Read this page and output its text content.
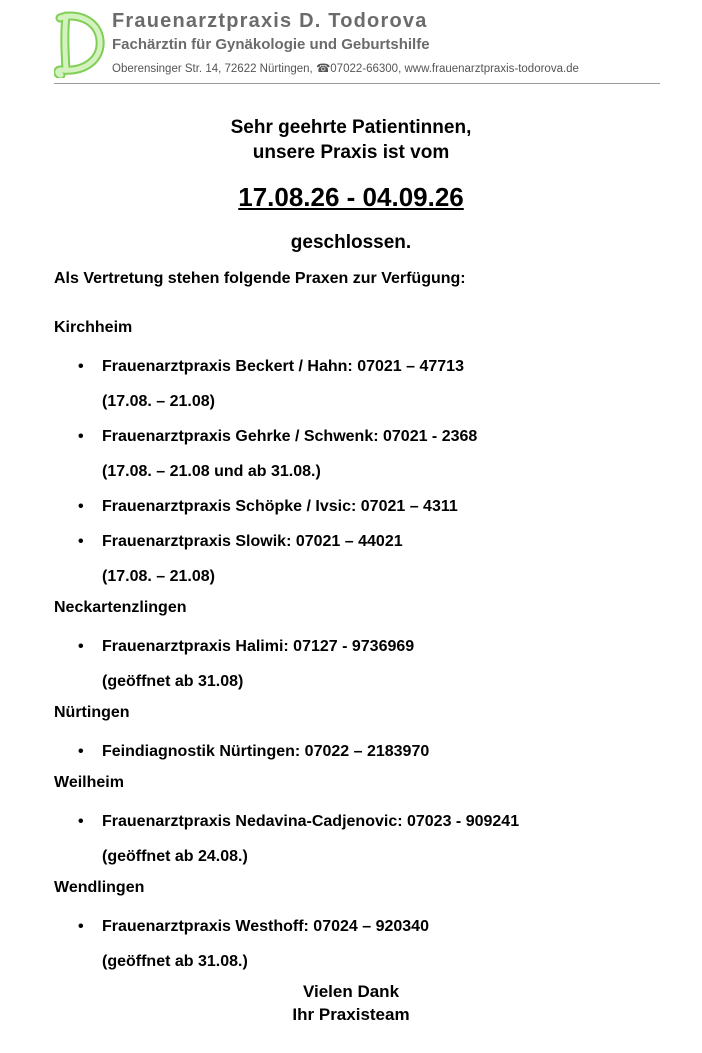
Frauenarztpraxis D. Todorova
Fachärztin für Gynäkologie und Geburtshilfe
Oberensinger Str. 14, 72622 Nürtingen, ☎07022-66300, www.frauenarztpraxis-todorova.de
Sehr geehrte Patientinnen,
unsere Praxis ist vom
17.08.26 - 04.09.26
geschlossen.
Als Vertretung stehen folgende Praxen zur Verfügung:
Kirchheim
• Frauenarztpraxis Beckert / Hahn: 07021 – 47713
(17.08. – 21.08)
• Frauenarztpraxis Gehrke / Schwenk: 07021 - 2368
(17.08. – 21.08 und ab 31.08.)
• Frauenarztpraxis Schöpke / Ivsic: 07021 – 4311
• Frauenarztpraxis Slowik: 07021 – 44021
(17.08. – 21.08)
Neckartenzlingen
• Frauenarztpraxis Halimi: 07127 - 9736969
(geöffnet ab 31.08)
Nürtingen
• Feindiagnostik Nürtingen: 07022 – 2183970
Weilheim
• Frauenarztpraxis Nedavina-Cadjenovic: 07023 - 909241
(geöffnet ab 24.08.)
Wendlingen
• Frauenarztpraxis Westhoff: 07024 – 920340
(geöffnet ab 31.08.)
Vielen Dank
Ihr Praxisteam
